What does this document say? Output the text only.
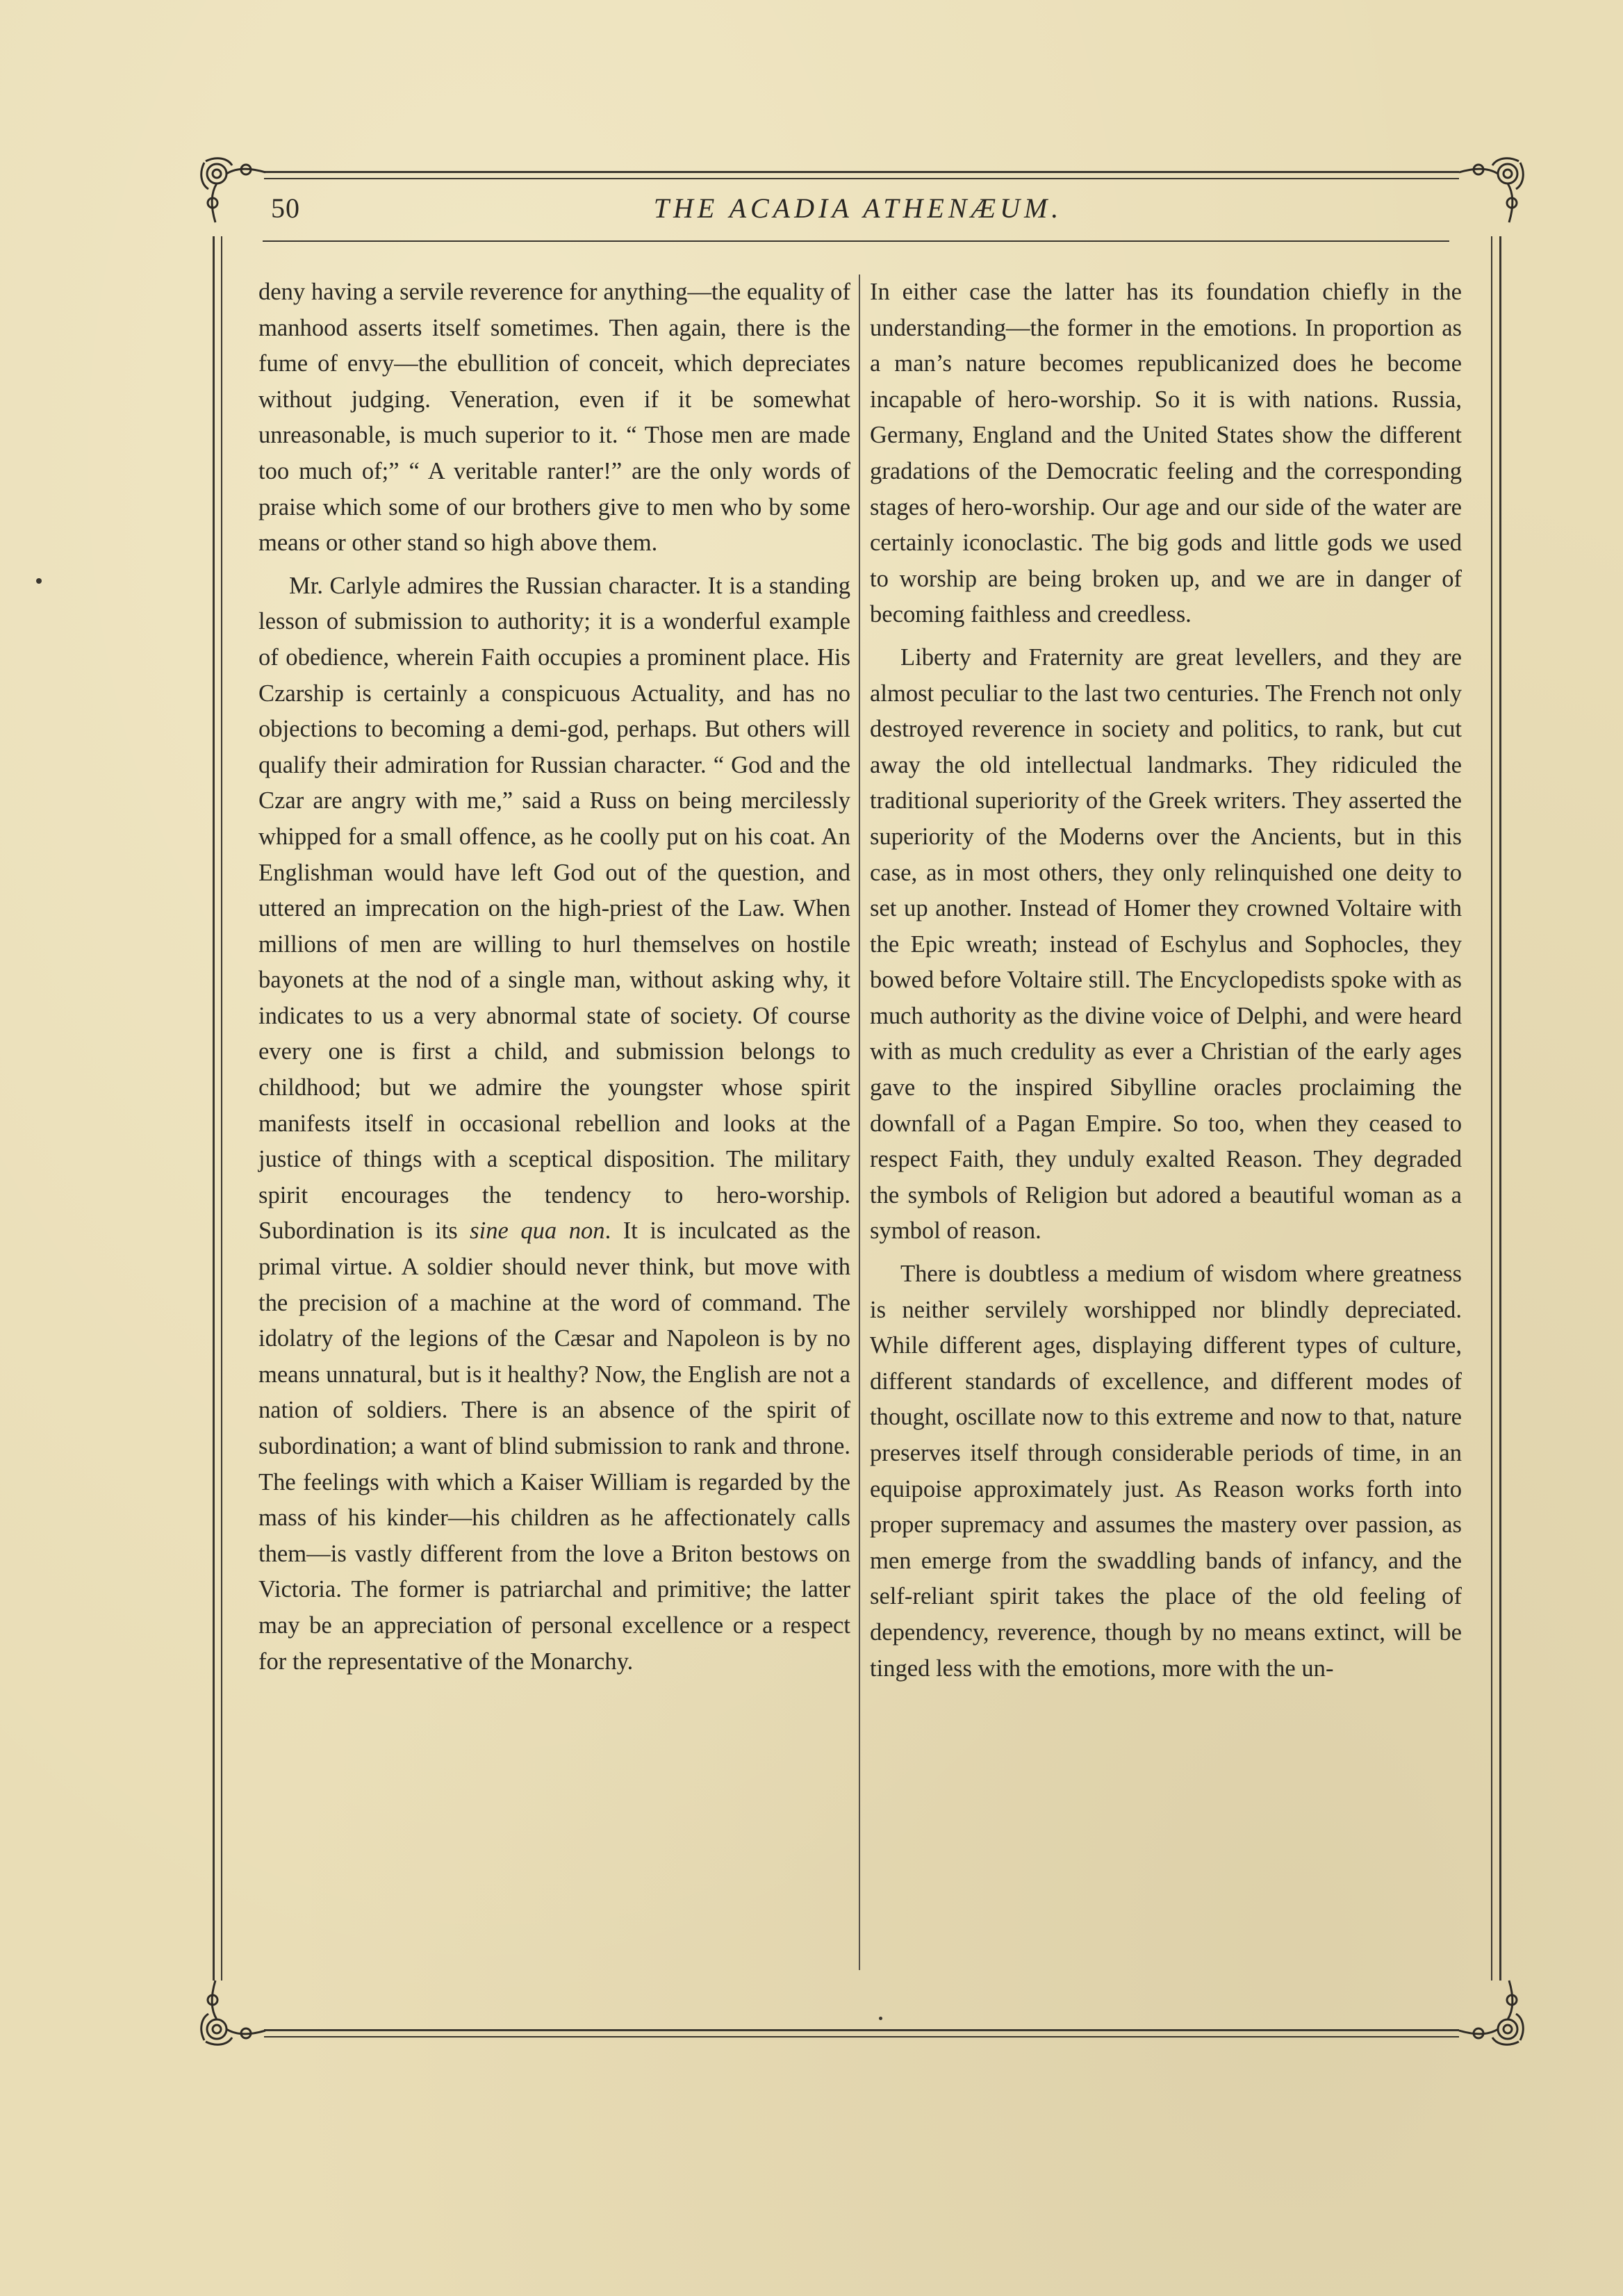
50	THE ACADIA ATHENÆUM.

deny having a servile reverence for anything—the equality of manhood asserts itself sometimes. Then again, there is the fume of envy—the ebullition of conceit, which depreciates without judging. Veneration, even if it be somewhat unreasonable, is much superior to it. “ Those men are made too much of;” “ A veritable ranter!” are the only words of praise which some of our brothers give to men who by some means or other stand so high above them.

Mr. Carlyle admires the Russian character. It is a standing lesson of submission to authority; it is a wonderful example of obedience, wherein Faith occupies a prominent place. His Czarship is certainly a conspicuous Actuality, and has no objections to becoming a demi-god, perhaps. But others will qualify their admiration for Russian character. “ God and the Czar are angry with me,” said a Russ on being mercilessly whipped for a small offence, as he coolly put on his coat. An Englishman would have left God out of the question, and uttered an imprecation on the high-priest of the Law. When millions of men are willing to hurl themselves on hostile bayonets at the nod of a single man, without asking why, it indicates to us a very abnormal state of society. Of course every one is first a child, and submission belongs to childhood; but we admire the youngster whose spirit manifests itself in occasional rebellion and looks at the justice of things with a sceptical disposition. The military spirit encourages the tendency to hero-worship. Subordination is its sine qua non. It is inculcated as the primal virtue. A soldier should never think, but move with the precision of a machine at the word of command. The idolatry of the legions of the Cæsar and Napoleon is by no means unnatural, but is it healthy? Now, the English are not a nation of soldiers. There is an absence of the spirit of subordination; a want of blind submission to rank and throne. The feelings with which a Kaiser William is regarded by the mass of his kinder—his children as he affectionately calls them—is vastly different from the love a Briton bestows on Victoria. The former is patriarchal and primitive; the latter may be an appreciation of personal excellence or a respect for the representative of the Monarchy.

In either case the latter has its foundation chiefly in the understanding—the former in the emotions. In proportion as a man’s nature becomes republicanized does he become incapable of hero-worship. So it is with nations. Russia, Germany, England and the United States show the different gradations of the Democratic feeling and the corresponding stages of hero-worship. Our age and our side of the water are certainly iconoclastic. The big gods and little gods we used to worship are being broken up, and we are in danger of becoming faithless and creedless.

Liberty and Fraternity are great levellers, and they are almost peculiar to the last two centuries. The French not only destroyed reverence in society and politics, to rank, but cut away the old intellectual landmarks. They ridiculed the traditional superiority of the Greek writers. They asserted the superiority of the Moderns over the Ancients, but in this case, as in most others, they only relinquished one deity to set up another. Instead of Homer they crowned Voltaire with the Epic wreath; instead of Eschylus and Sophocles, they bowed before Voltaire still. The Encyclopedists spoke with as much authority as the divine voice of Delphi, and were heard with as much credulity as ever a Christian of the early ages gave to the inspired Sibylline oracles proclaiming the downfall of a Pagan Empire. So too, when they ceased to respect Faith, they unduly exalted Reason. They degraded the symbols of Religion but adored a beautiful woman as a symbol of reason.

There is doubtless a medium of wisdom where greatness is neither servilely worshipped nor blindly depreciated. While different ages, displaying different types of culture, different standards of excellence, and different modes of thought, oscillate now to this extreme and now to that, nature preserves itself through considerable periods of time, in an equipoise approximately just. As Reason works forth into proper supremacy and assumes the mastery over passion, as men emerge from the swaddling bands of infancy, and the self-reliant spirit takes the place of the old feeling of dependency, reverence, though by no means extinct, will be tinged less with the emotions, more with the un-
